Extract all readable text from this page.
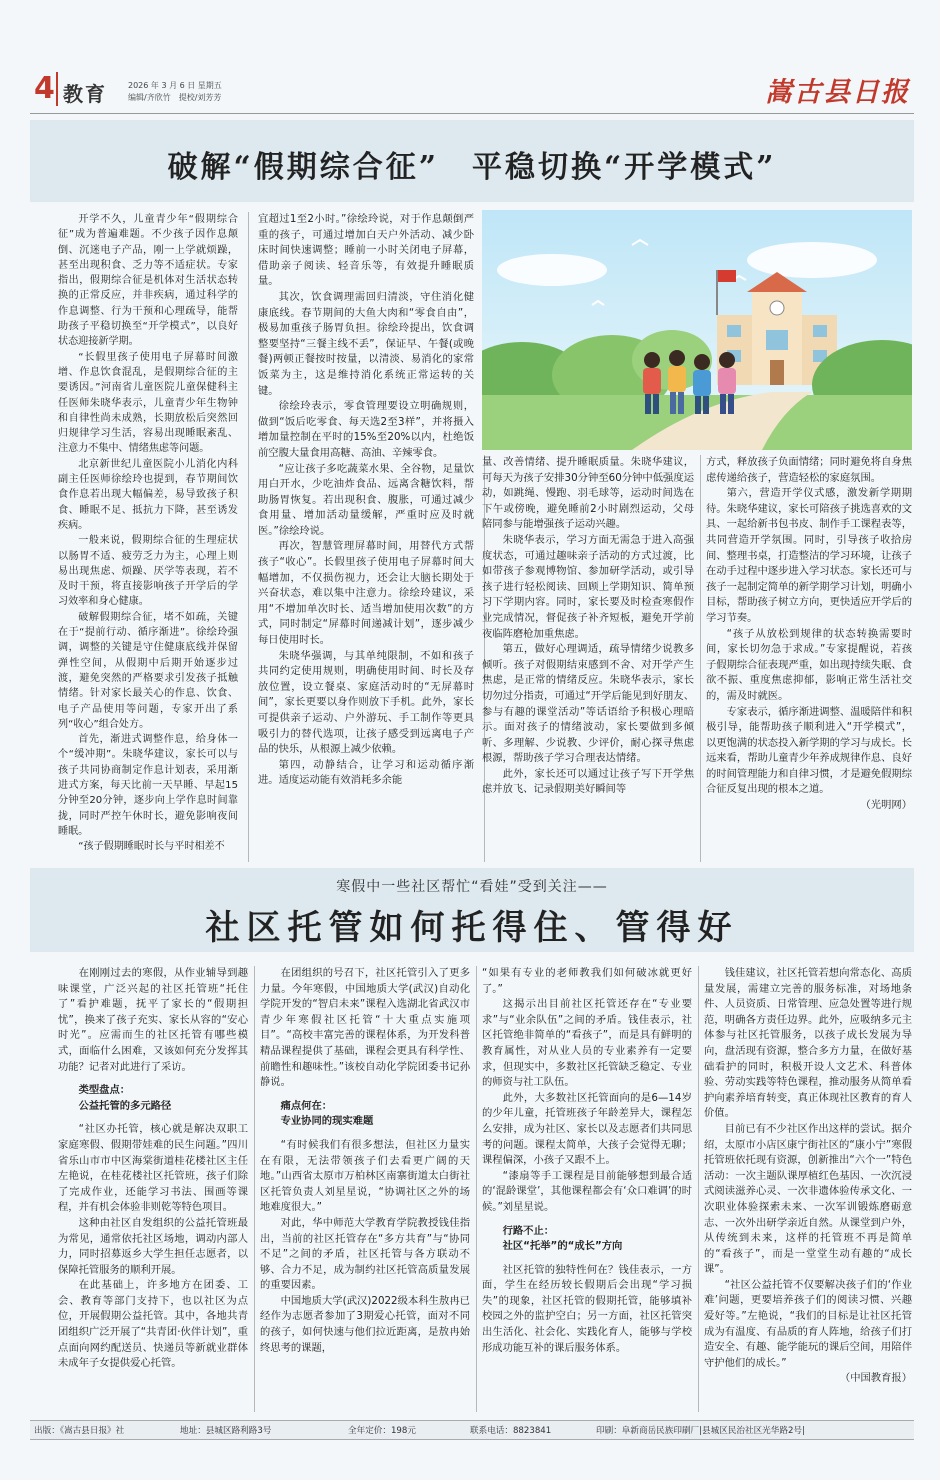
4 教育	2026 年 3 月 6 日 星期五
编辑/齐欣竹　提校/刘芳芳	嵩古县日报
破解“假期综合征”　平稳切换“开学模式”

开学不久，儿童青少年“假期综合征”成为普遍难题。不少孩子因作息颠倒、沉迷电子产品，刚一上学就烦躁，甚至出现积食、乏力等不适症状。专家指出，假期综合征是机体对生活状态转换的正常反应，并非疾病，通过科学的作息调整、行为干预和心理疏导，能帮助孩子平稳切换至“开学模式”，以良好状态迎接新学期。

“长假里孩子使用电子屏幕时间激增、作息饮食混乱，是假期综合征的主要诱因。”河南省儿童医院儿童保健科主任医师朱晓华表示，儿童青少年生物钟和自律性尚未成熟，长期放松后突然回归规律学习生活，容易出现睡眠紊乱、注意力不集中、情绪焦虑等问题。

北京新世纪儿童医院小儿消化内科副主任医师徐绘玲也提到，春节期间饮食作息若出现大幅偏差，易导致孩子积食、睡眠不足、抵抗力下降，甚至诱发疾病。

一般来说，假期综合征的生理症状以肠胃不适、疲劳乏力为主，心理上则易出现焦虑、烦躁、厌学等表现，若不及时干预，将直接影响孩子开学后的学习效率和身心健康。

破解假期综合征，堵不如疏，关键在于“提前行动、循序渐进”。徐绘玲强调，调整的关键是守住健康底线并保留弹性空间，从假期中后期开始逐步过渡，避免突然的严格要求引发孩子抵触情绪。针对家长最关心的作息、饮食、电子产品使用等问题，专家开出了系列“收心”组合处方。

首先，渐进式调整作息，给身体一个“缓冲期”。朱晓华建议，家长可以与孩子共同协商制定作息计划表，采用渐进式方案，每天比前一天早睡、早起15分钟至20分钟，逐步向上学作息时间靠拢，同时严控午休时长，避免影响夜间睡眠。

“孩子假期睡眠时长与平时相差不

宜超过1至2小时。”徐绘玲说，对于作息颠倒严重的孩子，可通过增加白天户外活动、减少卧床时间快速调整；睡前一小时关闭电子屏幕，借助亲子阅读、轻音乐等，有效提升睡眠质量。

其次，饮食调理需回归清淡，守住消化健康底线。春节期间的大鱼大肉和“零食自由”，极易加重孩子肠胃负担。徐绘玲提出，饮食调整要坚持“三餐主线不丢”，保证早、午餐(或晚餐)两顿正餐按时按量，以清淡、易消化的家常饭菜为主，这是维持消化系统正常运转的关键。

徐绘玲表示，零食管理要设立明确规则，做到“饭后吃零食、每天选2至3样”，并将摄入增加量控制在平时的15%至20%以内，杜绝饭前空腹大量食用高糖、高油、辛辣零食。

“应让孩子多吃蔬菜水果、全谷物，足量饮用白开水，少吃油炸食品、远离含糖饮料，帮助肠胃恢复。若出现积食、腹胀，可通过减少食用量、增加活动量缓解，严重时应及时就医。”徐绘玲说。

再次，智慧管理屏幕时间，用替代方式帮孩子“收心”。长假里孩子使用电子屏幕时间大幅增加，不仅损伤视力，还会让大脑长期处于兴奋状态，难以集中注意力。徐绘玲建议，采用“不增加单次时长、适当增加使用次数”的方式，同时制定“屏幕时间递减计划”，逐步减少每日使用时长。

朱晓华强调，与其单纯限制，不如和孩子共同约定使用规则，明确使用时间、时长及存放位置，设立餐桌、家庭活动时的“无屏幕时间”，家长更要以身作则放下手机。此外，家长可提供亲子运动、户外游玩、手工制作等更具吸引力的替代选项，让孩子感受到远离电子产品的快乐，从根源上减少依赖。

第四，动静结合，让学习和运动循序渐进。适度运动能有效消耗多余能

量、改善情绪、提升睡眠质量。朱晓华建议，可每天为孩子安排30分钟至60分钟中低强度运动，如跳绳、慢跑、羽毛球等，运动时间选在下午或傍晚，避免睡前2小时剧烈运动，父母陪同参与能增强孩子运动兴趣。

朱晓华表示，学习方面无需急于进入高强度状态，可通过趣味亲子活动的方式过渡，比如带孩子参观博物馆、参加研学活动，或引导孩子进行轻松阅读、回顾上学期知识、简单预习下学期内容。同时，家长要及时检查寒假作业完成情况，督促孩子补齐短板，避免开学前夜临阵磨枪加重焦虑。

第五，做好心理调适，疏导情绪少说教多倾听。孩子对假期结束感到不舍、对开学产生焦虑，是正常的情绪反应。朱晓华表示，家长切勿过分指责，可通过“开学后能见到好朋友、参与有趣的课堂活动”等话语给予积极心理暗示。面对孩子的情绪波动，家长要做到多倾听、多理解、少说教、少评价，耐心探寻焦虑根源，帮助孩子学习合理表达情绪。

此外，家长还可以通过让孩子写下开学焦虑并放飞、记录假期美好瞬间等

方式，释放孩子负面情绪；同时避免将自身焦虑传递给孩子，营造轻松的家庭氛围。

第六，营造开学仪式感，激发新学期期待。朱晓华建议，家长可陪孩子挑选喜欢的文具、一起给新书包书皮、制作手工课程表等，共同营造开学氛围。同时，引导孩子收拾房间、整理书桌，打造整洁的学习环境，让孩子在动手过程中逐步进入学习状态。家长还可与孩子一起制定简单的新学期学习计划，明确小目标，帮助孩子树立方向，更快适应开学后的学习节奏。

“孩子从放松到规律的状态转换需要时间，家长切勿急于求成。”专家提醒说，若孩子假期综合征表现严重，如出现持续失眠、食欲不振、重度焦虑抑郁，影响正常生活社交的，需及时就医。

专家表示，循序渐进调整、温暖陪伴和积极引导，能帮助孩子顺利进入“开学模式”，以更饱满的状态投入新学期的学习与成长。长远来看，帮助儿童青少年养成规律作息、良好的时间管理能力和自律习惯，才是避免假期综合征反复出现的根本之道。

（光明网）

寒假中一些社区帮忙“看娃”受到关注——
社区托管如何托得住、管得好

在刚刚过去的寒假，从作业辅导到趣味课堂，广泛兴起的社区托管班“托住了”看护难题，抚平了家长的“假期担忧”，换来了孩子充实、家长从容的“安心时光”。应需而生的社区托管有哪些模式，面临什么困难，又该如何充分发挥其功能？记者对此进行了采访。

类型盘点：

公益托管的多元路径

“社区办托管，核心就是解决双职工家庭寒假、假期带娃难的民生问题。”四川省乐山市市中区海棠街道桂花楼社区主任左艳说，在桂花楼社区托管班，孩子们除了完成作业，还能学习书法、围画等课程，并有机会体验非则乾等特色项目。

这种由社区自发组织的公益托管班最为常见，通常依托社区场地，调动内部人力，同时招募返乡大学生担任志愿者，以保障托管服务的顺利开展。

在此基础上，许多地方在团委、工会、教育等部门支持下，也以社区为点位，开展假期公益托管。其中，各地共青团组织广泛开展了“共青团·伙伴计划”，重点面向网约配送员、快递员等新就业群体未成年子女提供爱心托管。

在团组织的号召下，社区托管引入了更多力量。今年寒假，中国地质大学(武汉)自动化学院开发的“智启未来”课程入选湖北省武汉市青少年寒假社区托管“十大重点实施项目”。“高校丰富完善的课程体系，为开发科普精品课程提供了基础，课程会更具有科学性、前瞻性和趣味性。”该校自动化学院团委书记孙静说。

痛点何在：

专业协同的现实难题

“有时候我们有很多想法，但社区力量实在有限，无法带领孩子们去看更广阔的天地。”山西省太原市万柏林区南寨街道太白街社区托管负责人刘星星说，“协调社区之外的场地难度很大。”

对此，华中师范大学教育学院教授钱佳指出，当前的社区托管存在“多方共育”与“协同不足”之间的矛盾，社区托管与各方联动不够、合力不足，成为制约社区托管高质量发展的重要因素。

中国地质大学(武汉)2022级本科生敖冉已经作为志愿者参加了3期爱心托管，面对不同的孩子，如何快速与他们拉近距离，是敖冉始终思考的课题，

“如果有专业的老师教我们如何破冰就更好了。”

这揭示出目前社区托管还存在“专业要求”与“业余队伍”之间的矛盾。钱佳表示，社区托管绝非简单的“看孩子”，而是具有鲜明的教育属性，对从业人员的专业素养有一定要求，但现实中，多数社区托管缺乏稳定、专业的师资与社工队伍。

此外，大多数社区托管面向的是6—14岁的少年儿童，托管班孩子年龄差异大，课程怎么安排，成为社区、家长以及志愿者们共同思考的问题。课程太简单，大孩子会觉得无聊；课程偏深，小孩子又跟不上。

“漆扇等手工课程是目前能够想到最合适的‘混龄课堂’，其他课程都会有‘众口难调’的时候。”刘星星说。

行路不止：

社区“托举”的“成长”方向

社区托管的独特性何在？钱佳表示，一方面，学生在经历较长假期后会出现“学习损失”的现象，社区托管的假期托管，能够填补校园之外的监护空白；另一方面，社区托管突出生活化、社会化、实践化育人，能够与学校形成功能互补的课后服务体系。

钱佳建议，社区托管若想向常态化、高质量发展，需建立完善的服务标准，对场地条件、人员资质、日常管理、应急处置等进行规范，明确各方责任边界。此外，应吸纳多元主体参与社区托管服务，以孩子成长发展为导向，盘活现有资源，整合多方力量，在做好基础看护的同时，积极开设人文艺术、科普体验、劳动实践等特色课程，推动服务从简单看护向素养培育转变，真正体现社区教育的育人价值。

目前已有不少社区作出这样的尝试。据介绍，太原市小店区康宁街社区的“康小宁”寒假托管班依托现有资源，创新推出“六个一”特色活动：一次主题队课厚植红色基因、一次沉浸式阅读滋养心灵、一次非遗体验传承文化、一次职业体验探索未来、一次军训锻炼磨砺意志、一次外出研学亲近自然。从课堂到户外，从传统到未来，这样的托管班不再是简单的“看孩子”，而是一堂堂生动有趣的“成长课”。

“社区公益托管不仅要解决孩子们的‘作业难’问题，更要培养孩子们的阅读习惯、兴趣爱好等。”左艳说，“我们的目标是让社区托管成为有温度、有品质的育人阵地，给孩子们打造安全、有趣、能学能玩的课后空间，用陪伴守护他们的成长。”

（中国教育报）

出版：《嵩古县日报》社	地址：县城区路利路3号	全年定价：198元	联系电话：8823841	印刷：阜新商岳民族印刷厂|县城区民治社区光华路2号|
